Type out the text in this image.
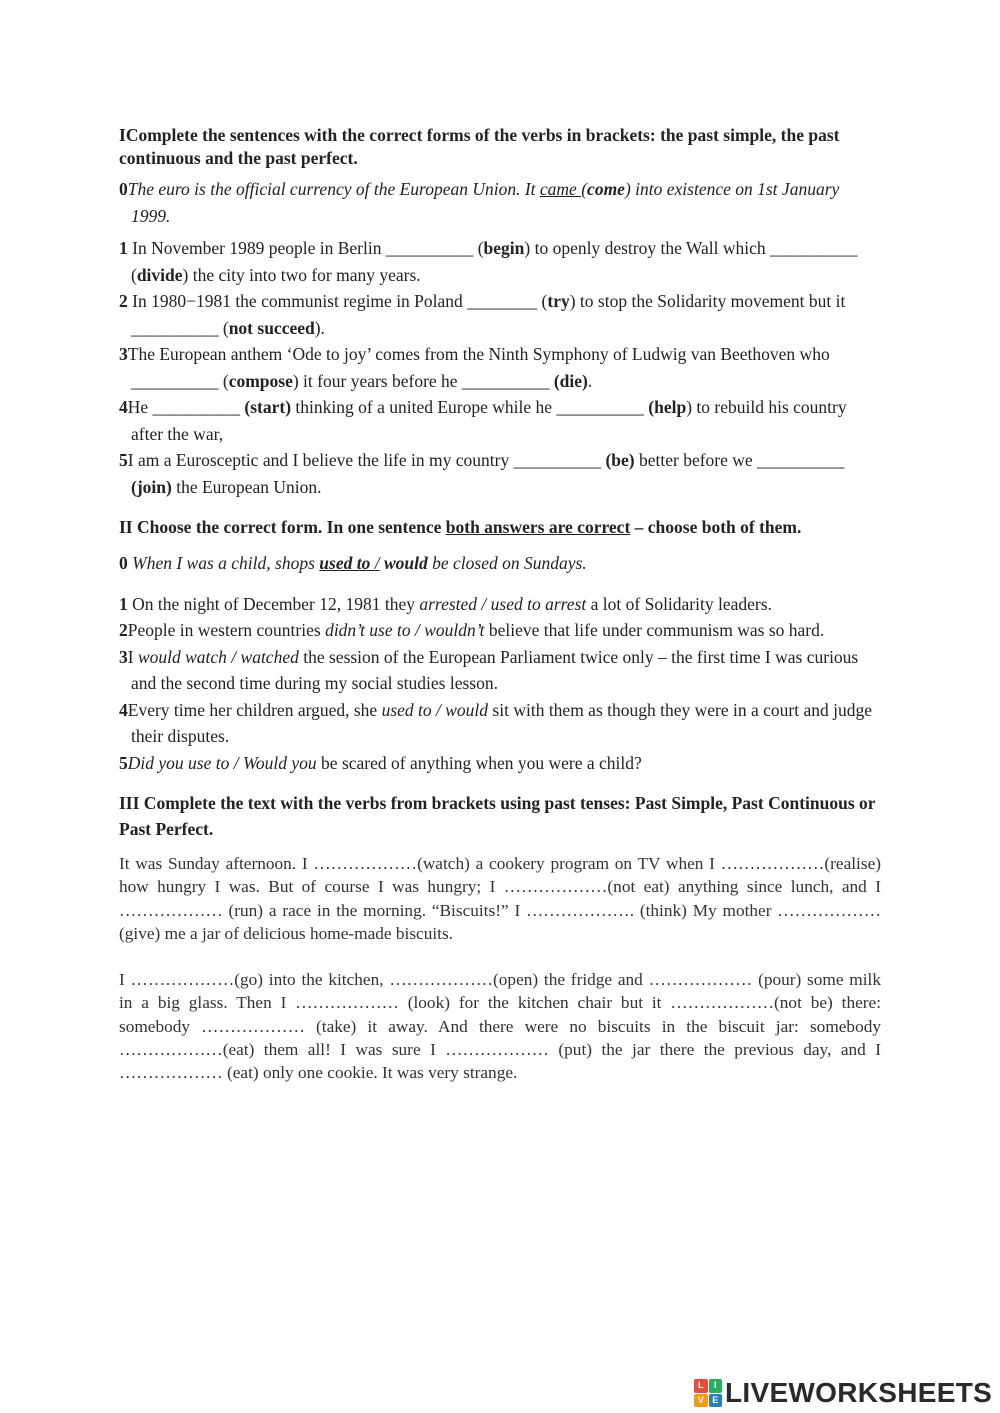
IComplete the sentences with the correct forms of the verbs in brackets: the past simple, the past continuous and the past perfect.

0The euro is the official currency of the European Union. It came (come) into existence on 1st January 1999.

1 In November 1989 people in Berlin __________ (begin) to openly destroy the Wall which __________ (divide) the city into two for many years.

2 In 1980−1981 the communist regime in Poland ________ (try) to stop the Solidarity movement but it __________ (not succeed).

3The European anthem ‘Ode to joy’ comes from the Ninth Symphony of Ludwig van Beethoven who __________ (compose) it four years before he __________ (die).

4He __________ (start) thinking of a united Europe while he __________ (help) to rebuild his country after the war,

5I am a Eurosceptic and I believe the life in my country __________ (be) better before we __________ (join) the European Union.

II Choose the correct form. In one sentence both answers are correct – choose both of them.

0 When I was a child, shops used to / would be closed on Sundays.

1 On the night of December 12, 1981 they arrested / used to arrest a lot of Solidarity leaders.

2People in western countries didn’t use to / wouldn’t believe that life under communism was so hard.

3I would watch / watched the session of the European Parliament twice only – the first time I was curious and the second time during my social studies lesson.

4Every time her children argued, she used to / would sit with them as though they were in a court and judge their disputes.

5Did you use to / Would you be scared of anything when you were a child?

III Complete the text with the verbs from brackets using past tenses: Past Simple, Past Continuous or Past Perfect.

It was Sunday afternoon. I ………………(watch) a cookery program on TV when I ………………(realise) how hungry I was. But of course I was hungry; I ………………(not eat) anything since lunch, and I ……………… (run) a race in the morning. “Biscuits!” I ………………. (think) My mother ………………(give) me a jar of delicious home-made biscuits.

I ………………(go) into the kitchen, ………………(open) the fridge and ……………… (pour) some milk in a big glass. Then I ……………… (look) for the kitchen chair but it ………………(not be) there: somebody ……………… (take) it away. And there were no biscuits in the biscuit jar: somebody ………………(eat) them all! I was sure I ……………… (put) the jar there the previous day, and I ……………… (eat) only one cookie. It was very strange.

L	I
V E LIVEWORKSHEETS
